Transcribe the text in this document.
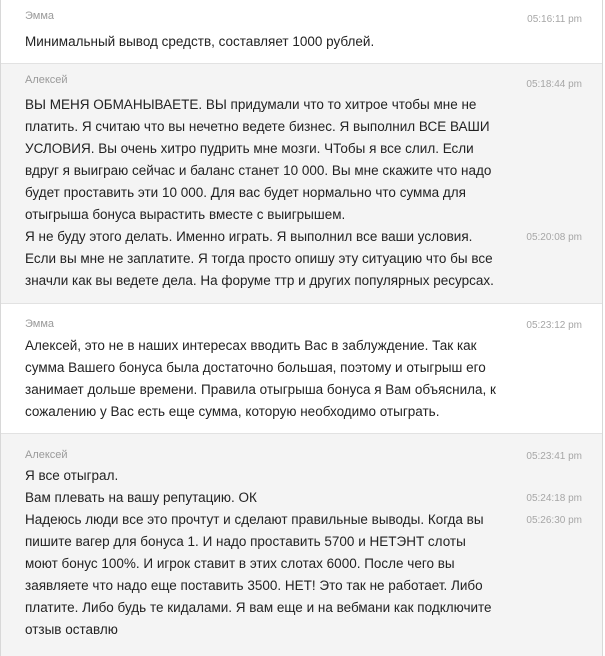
Эмма	05:16:11 pm
Минимальный вывод средств, составляет 1000 рублей.
Алексей	05:18:44 pm
ВЫ МЕНЯ ОБМАНЫВАЕТЕ. ВЫ придумали что то хитрое чтобы мне не
платить. Я считаю что вы нечетно ведете бизнес. Я выполнил ВСЕ ВАШИ
УСЛОВИЯ. Вы очень хитро пудрить мне мозги. ЧТобы я все слил. Если
вдруг я выиграю сейчас и баланс станет 10 000. Вы мне скажите что надо
будет проставить эти 10 000. Для вас будет нормально что сумма для
отыгрыша бонуса вырастить вместе с выигрышем.
05:20:08 pm
Я не буду этого делать. Именно играть. Я выполнил все ваши условия.
Если вы мне не заплатите. Я тогда просто опишу эту ситуацию что бы все
значли как вы ведете дела. На форуме ттр и других популярных ресурсах.
Эмма	05:23:12 pm
Алексей, это не в наших интересах вводить Вас в заблуждение. Так как
сумма Вашего бонуса была достаточно большая, поэтому и отыгрыш его
занимает дольше времени. Правила отыгрыша бонуса я Вам объяснила, к
сожалению у Вас есть еще сумма, которую необходимо отыграть.
Алексей	05:23:41 pm
Я все отыграл.
05:24:18 pm
Вам плевать на вашу репутацию. ОК
05:26:30 pm
Надеюсь люди все это прочтут и сделают правильные выводы. Когда вы
пишите вагер для бонуса 1. И надо проставить 5700 и НЕТЭНТ слоты
моют бонус 100%. И игрок ставит в этих слотах 6000. После чего вы
заявляете что надо еще поставить 3500. НЕТ! Это так не работает. Либо
платите. Либо будь те кидалами. Я вам еще и на вебмани как подключите
отзыв оставлю
